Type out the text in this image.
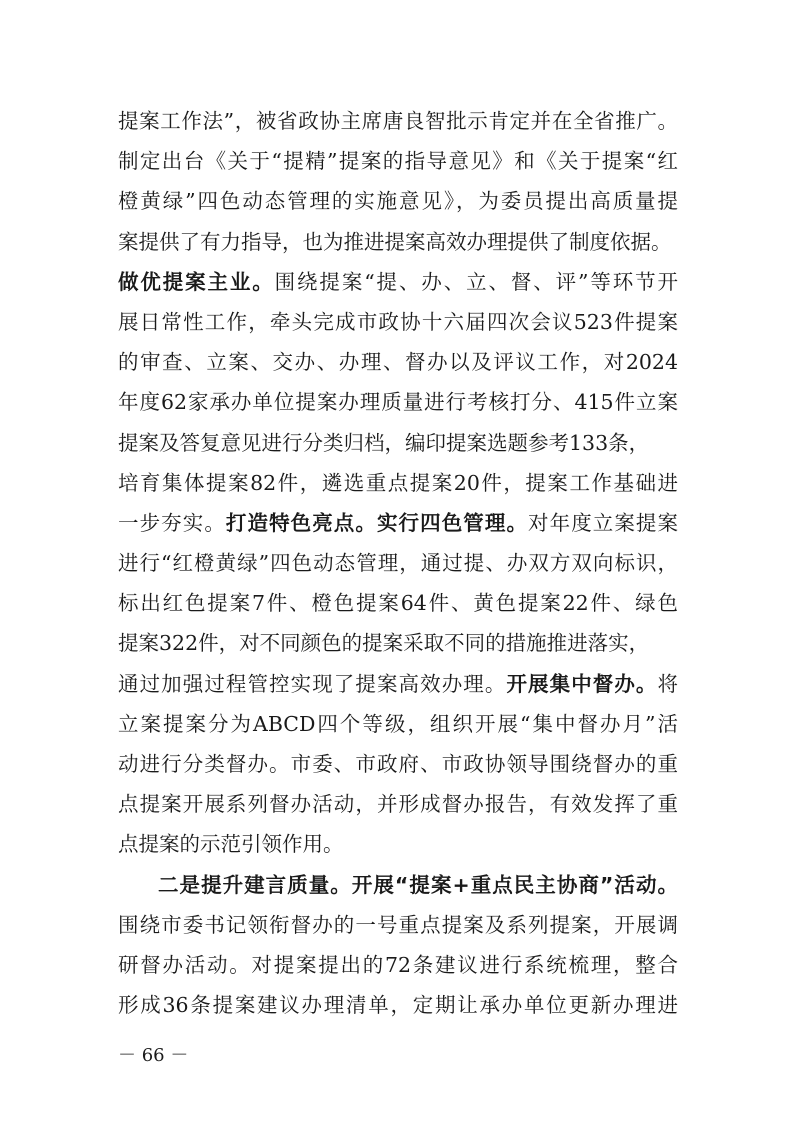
提案工作法”，被省政协主席唐良智批示肯定并在全省推广。
制定出台《关于“提精”提案的指导意见》和《关于提案“红
橙黄绿”四色动态管理的实施意见》，为委员提出高质量提
案提供了有力指导，也为推进提案高效办理提供了制度依据。
做优提案主业。围绕提案“提、办、立、督、评”等环节开
展日常性工作，牵头完成市政协十六届四次会议523件提案
的审查、立案、交办、办理、督办以及评议工作，对2024
年度62家承办单位提案办理质量进行考核打分、415件立案
提案及答复意见进行分类归档，编印提案选题参考133条，
培育集体提案82件，遴选重点提案20件，提案工作基础进
一步夯实。打造特色亮点。实行四色管理。对年度立案提案
进行“红橙黄绿”四色动态管理，通过提、办双方双向标识，
标出红色提案7件、橙色提案64件、黄色提案22件、绿色
提案322件，对不同颜色的提案采取不同的措施推进落实，
通过加强过程管控实现了提案高效办理。开展集中督办。将
立案提案分为ABCD四个等级，组织开展“集中督办月”活
动进行分类督办。市委、市政府、市政协领导围绕督办的重
点提案开展系列督办活动，并形成督办报告，有效发挥了重
点提案的示范引领作用。
二是提升建言质量。开展“提案+重点民主协商”活动。
围绕市委书记领衔督办的一号重点提案及系列提案，开展调
研督办活动。对提案提出的72条建议进行系统梳理，整合
形成36条提案建议办理清单，定期让承办单位更新办理进
－ 66 －
